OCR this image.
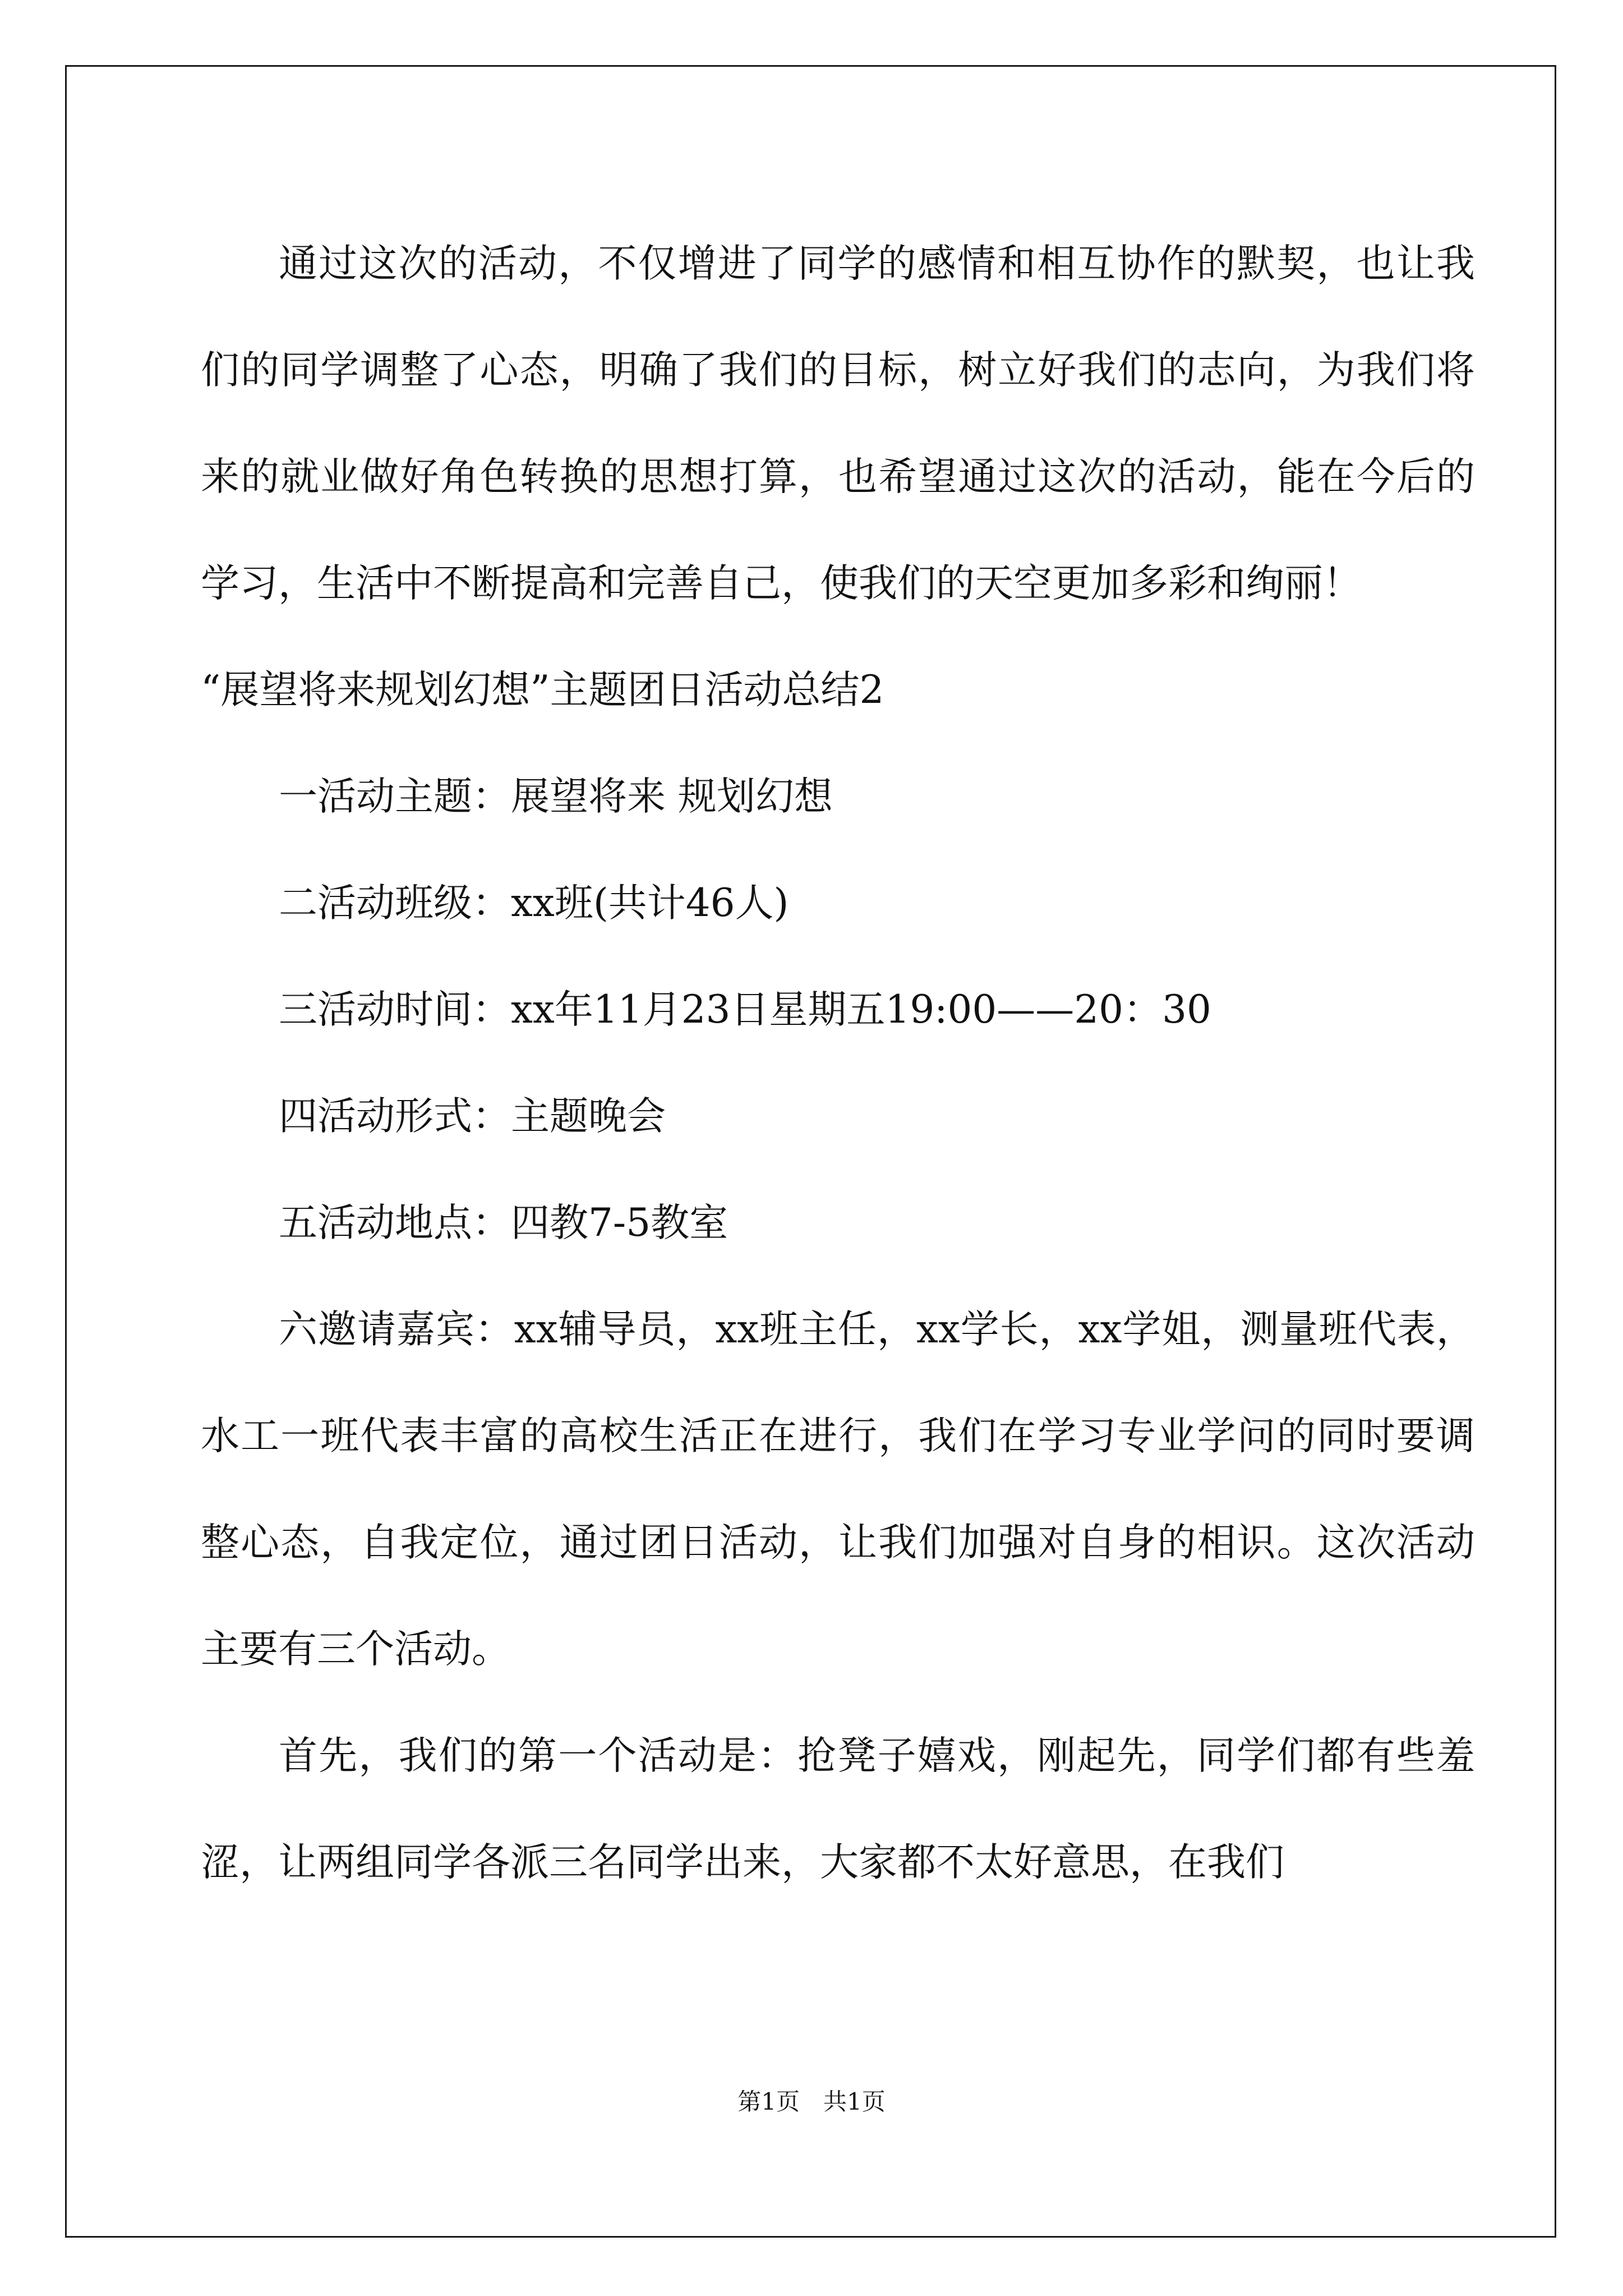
通过这次的活动，不仅增进了同学的感情和相互协作的默契，也让我们的同学调整了心态，明确了我们的目标，树立好我们的志向，为我们将来的就业做好角色转换的思想打算，也希望通过这次的活动，能在今后的学习，生活中不断提高和完善自己，使我们的天空更加多彩和绚丽！

“展望将来规划幻想”主题团日活动总结2

一活动主题：展望将来 规划幻想

二活动班级：xx班(共计46人)

三活动时间：xx年11月23日星期五19:00——20：30

四活动形式：主题晚会

五活动地点：四教7-5教室

六邀请嘉宾：xx辅导员，xx班主任，xx学长，xx学姐，测量班代表，水工一班代表丰富的高校生活正在进行，我们在学习专业学问的同时要调整心态，自我定位，通过团日活动，让我们加强对自身的相识。这次活动主要有三个活动。

首先，我们的第一个活动是：抢凳子嬉戏，刚起先，同学们都有些羞涩，让两组同学各派三名同学出来，大家都不太好意思，在我们

第1页 共1页
